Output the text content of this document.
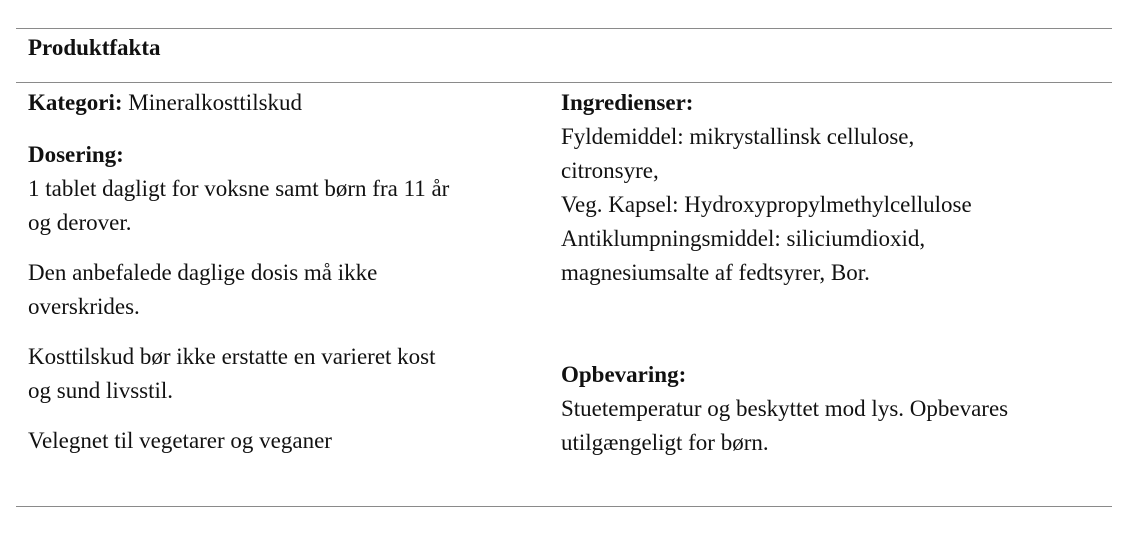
Produktfakta
Kategori: Mineralkosttilskud
Dosering:
1 tablet dagligt for voksne samt børn fra 11 år
og derover.
Den anbefalede daglige dosis må ikke
overskrides.
Kosttilskud bør ikke erstatte en varieret kost
og sund livsstil.
Velegnet til vegetarer og veganer
Ingredienser:
Fyldemiddel: mikrystallinsk cellulose,
citronsyre,
Veg. Kapsel: Hydroxypropylmethylcellulose
Antiklumpningsmiddel: siliciumdioxid,
magnesiumsalte af fedtsyrer, Bor.
Opbevaring:
Stuetemperatur og beskyttet mod lys. Opbevares
utilgængeligt for børn.
